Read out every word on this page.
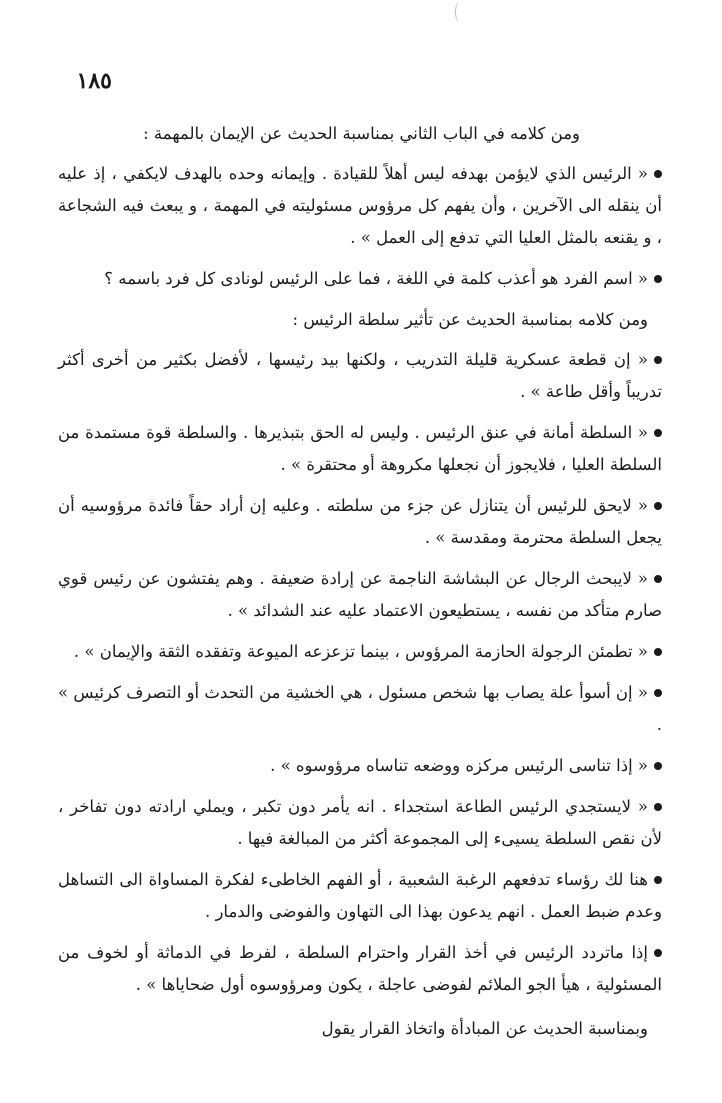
١٨٥

ومن كلامه في الباب الثاني بمناسبة الحديث عن الإيمان بالمهمة :

« الرئيس الذي لايؤمن بهدفه ليس أهلاً للقيادة . وإيمانه وحده بالهدف لايكفي ، إذ عليه أن ينقله الى الآخرين ، وأن يفهم كل مرؤوس مسئوليته في المهمة ، و يبعث فيه الشجاعة ، و يقنعه بالمثل العليا التي تدفع إلى العمل » .

« اسم الفرد هو أعذب كلمة في اللغة ، فما على الرئيس لونادى كل فرد باسمه ؟

ومن كلامه بمناسبة الحديث عن تأثير سلطة الرئيس :

« إن قطعة عسكرية قليلة التدريب ، ولكنها بيد رئيسها ، لأفضل بكثير من أخرى أكثر تدريباً وأقل طاعة » .

« السلطة أمانة في عنق الرئيس . وليس له الحق بتبذيرها . والسلطة قوة مستمدة من السلطة العليا ، فلايجوز أن نجعلها مكروهة أو محتقرة » .

« لايحق للرئيس أن يتنازل عن جزء من سلطته . وعليه إن أراد حقاً فائدة مرؤوسيه أن يجعل السلطة محترمة ومقدسة » .

« لايبحث الرجال عن البشاشة الناجمة عن إرادة ضعيفة . وهم يفتشون عن رئيس قوي صارم متأكد من نفسه ، يستطيعون الاعتماد عليه عند الشدائد » .

« تطمئن الرجولة الحازمة المرؤوس ، بينما تزعزعه الميوعة وتفقده الثقة والإيمان » .

« إن أسوأ علة يصاب بها شخص مسئول ، هي الخشية من التحدث أو التصرف كرئيس » .

« إذا تناسى الرئيس مركزه ووضعه تناساه مرؤوسوه » .

« لايستجدي الرئيس الطاعة استجداء . انه يأمر دون تكبر ، ويملي ارادته دون تفاخر ، لأن نقص السلطة يسيىء إلى المجموعة أكثر من المبالغة فيها .

هنا لك رؤساء تدفعهم الرغبة الشعبية ، أو الفهم الخاطىء لفكرة المساواة الى التساهل وعدم ضبط العمل . انهم يدعون بهذا الى التهاون والفوضى والدمار .

إذا ماتردد الرئيس في أخذ القرار واحترام السلطة ، لفرط في الدماثة أو لخوف من المسئولية ، هيأ الجو الملائم لفوضى عاجلة ، يكون ومرؤوسوه أول ضحاياها » .

وبمناسبة الحديث عن المبادأة واتخاذ القرار يقول
